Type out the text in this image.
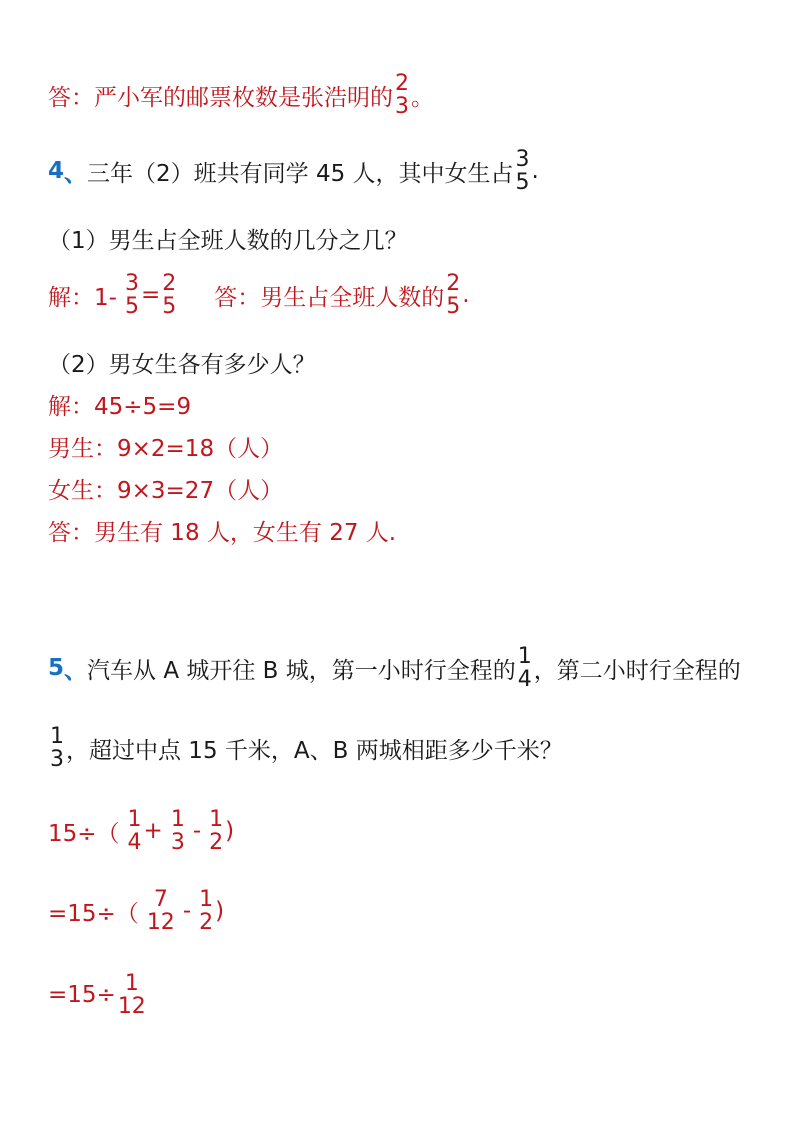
答：严小军的邮票枚数是张浩明的
2
3 。
4 、 三年（2）班共有同学 45 人，其中女生占
3
5 .
（1）男生占全班人数的几分之几？
解：1-
3
5 = 2
5 答：男生占全班人数的
2
5 .
（2）男女生各有多少人？
解：45÷5=9
男生：9×2=18（人）
女生：9×3=27（人）
答：男生有 18 人，女生有 27 人.
5 、 汽车从 A 城开往 B 城，第一小时行全程的
1
4 ，第二小时行全程的
1
3 ，超过中点 15 千米，A、B 两城相距多少千米？
15÷（
1
4 + 1
3 - 1
2 )
=15÷（
7
12 - 1
2 )
=15÷ 1
12
